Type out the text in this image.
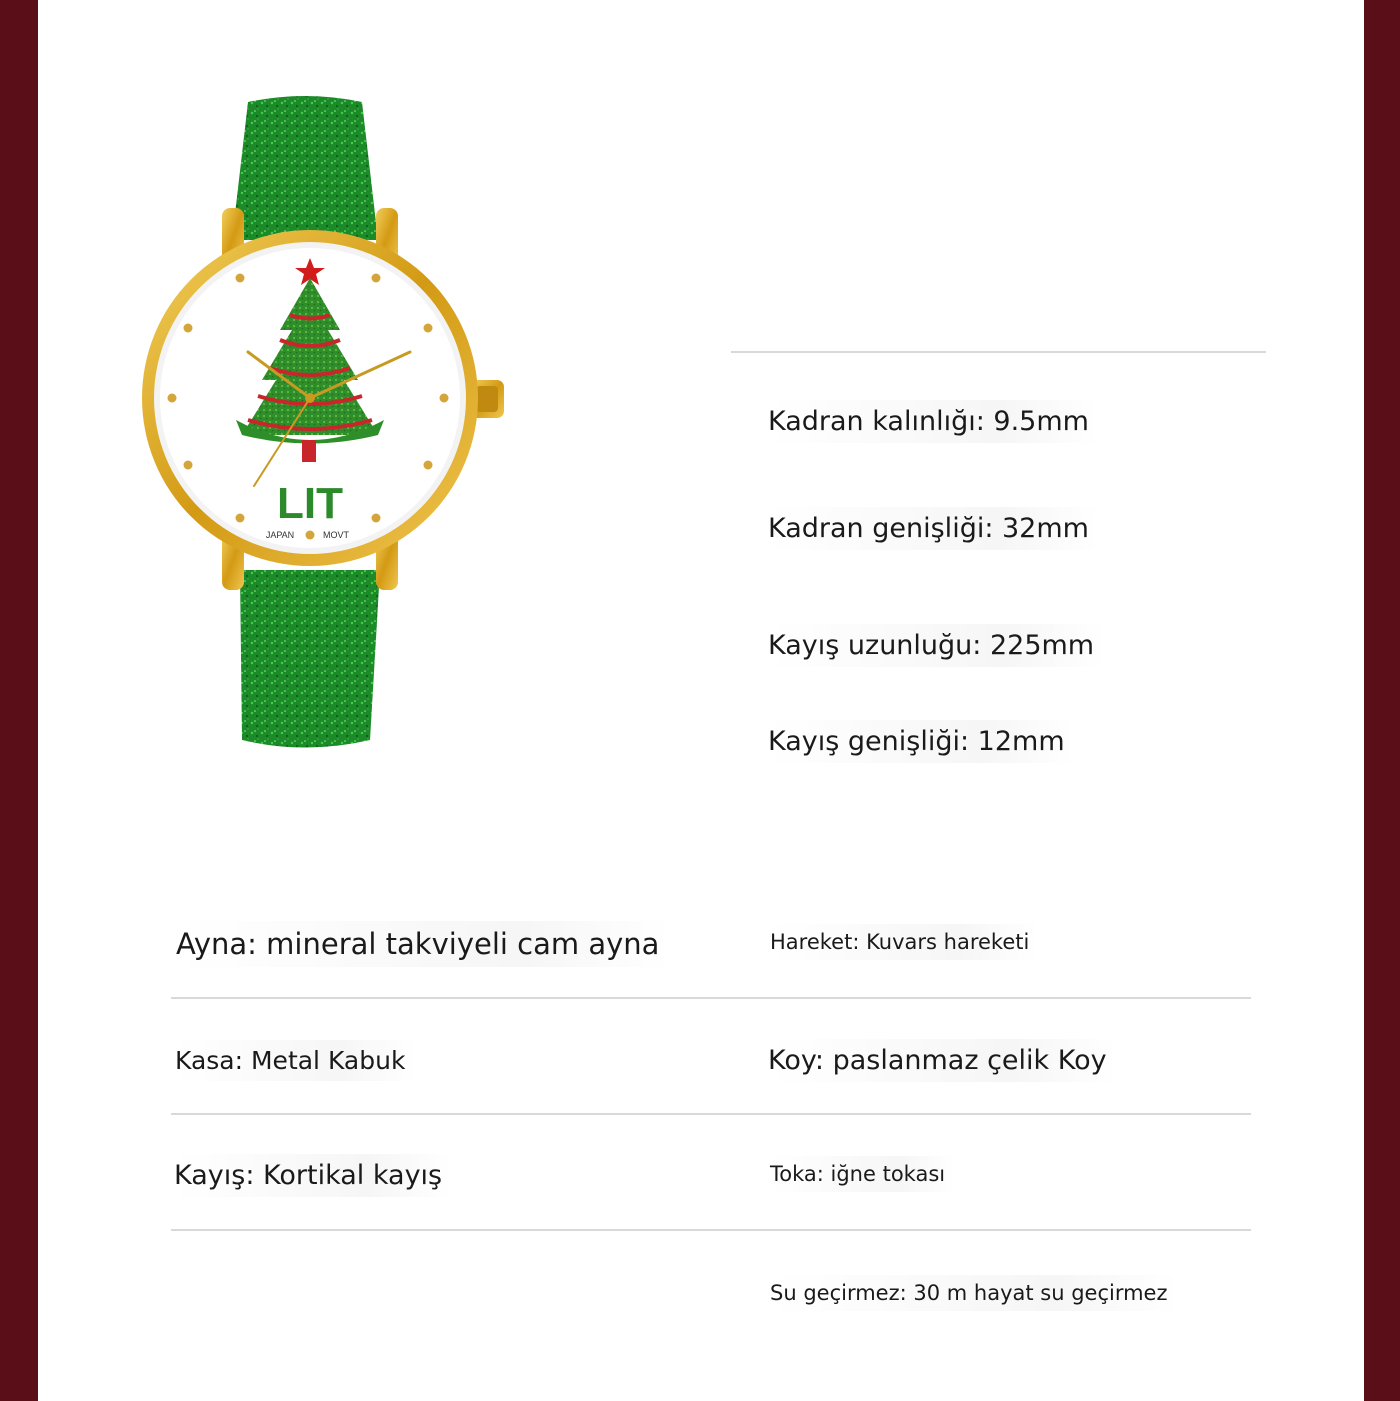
LIT
JAPAN	MOVT
Kadran kalınlığı: 9.5mm
Kadran genişliği: 32mm
Kayış uzunluğu: 225mm
Kayış genişliği: 12mm
Ayna: mineral takviyeli cam ayna	Hareket: Kuvars hareketi
Kasa: Metal Kabuk	Koy: paslanmaz çelik Koy
Kayış: Kortikal kayış	Toka: iğne tokası
Su geçirmez: 30 m hayat su geçirmez
